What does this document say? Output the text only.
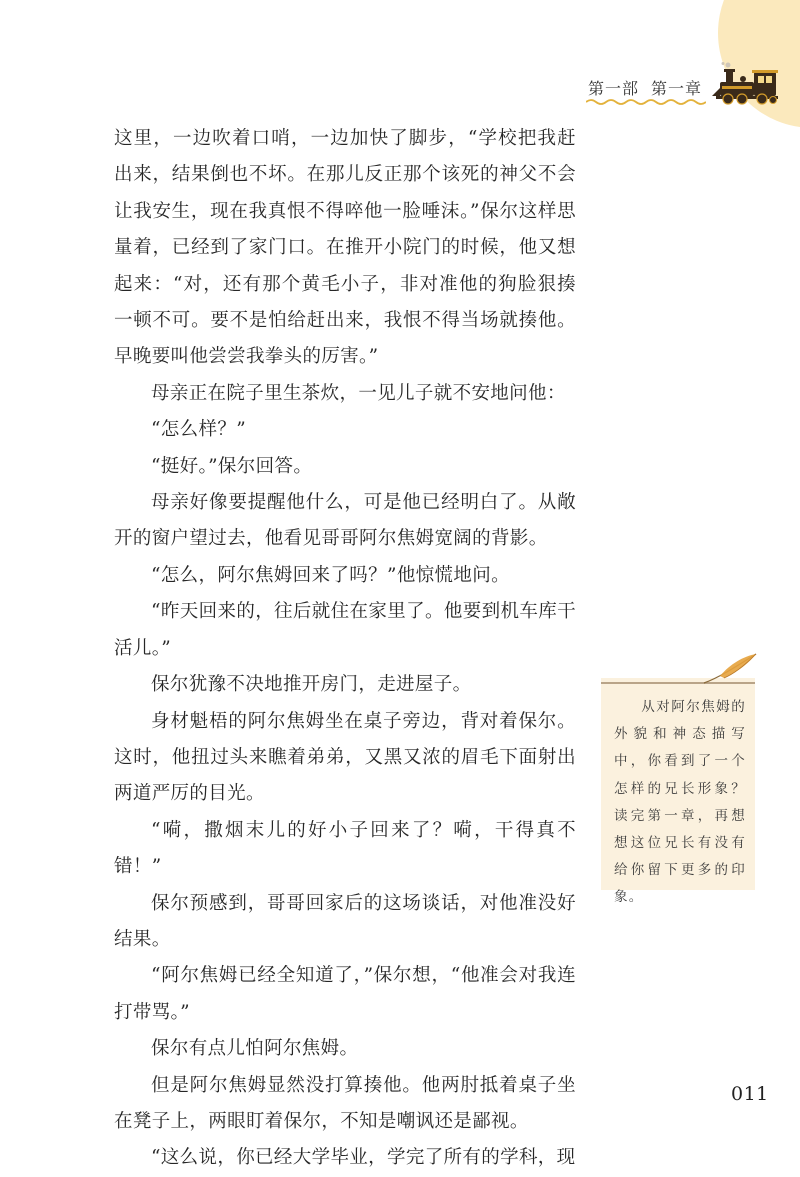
第一部 第一章

这里，一边吹着口哨，一边加快了脚步，“学校把我赶出来，结果倒也不坏。在那儿反正那个该死的神父不会让我安生，现在我真恨不得啐他一脸唾沫。”保尔这样思量着，已经到了家门口。在推开小院门的时候，他又想起来：“对，还有那个黄毛小子，非对准他的狗脸狠揍一顿不可。要不是怕给赶出来，我恨不得当场就揍他。早晚要叫他尝尝我拳头的厉害。”

母亲正在院子里生茶炊，一见儿子就不安地问他：

“怎么样？”

“挺好。”保尔回答。

母亲好像要提醒他什么，可是他已经明白了。从敞开的窗户望过去，他看见哥哥阿尔焦姆宽阔的背影。

“怎么，阿尔焦姆回来了吗？”他惊慌地问。

“昨天回来的，往后就住在家里了。他要到机车库干活儿。”

保尔犹豫不决地推开房门，走进屋子。

身材魁梧的阿尔焦姆坐在桌子旁边，背对着保尔。这时，他扭过头来瞧着弟弟，又黑又浓的眉毛下面射出两道严厉的目光。

“嗬，撒烟末儿的好小子回来了？嗬，干得真不错！”

保尔预感到，哥哥回家后的这场谈话，对他准没好结果。

“阿尔焦姆已经全知道了，”保尔想，“他准会对我连打带骂。”

保尔有点儿怕阿尔焦姆。

但是阿尔焦姆显然没打算揍他。他两肘抵着桌子坐在凳子上，两眼盯着保尔，不知是嘲讽还是鄙视。

“这么说，你已经大学毕业，学完了所有的学科，现

从对阿尔焦姆的外貌和神态描写中，你看到了一个怎样的兄长形象？读完第一章，再想想这位兄长有没有给你留下更多的印象。
011
